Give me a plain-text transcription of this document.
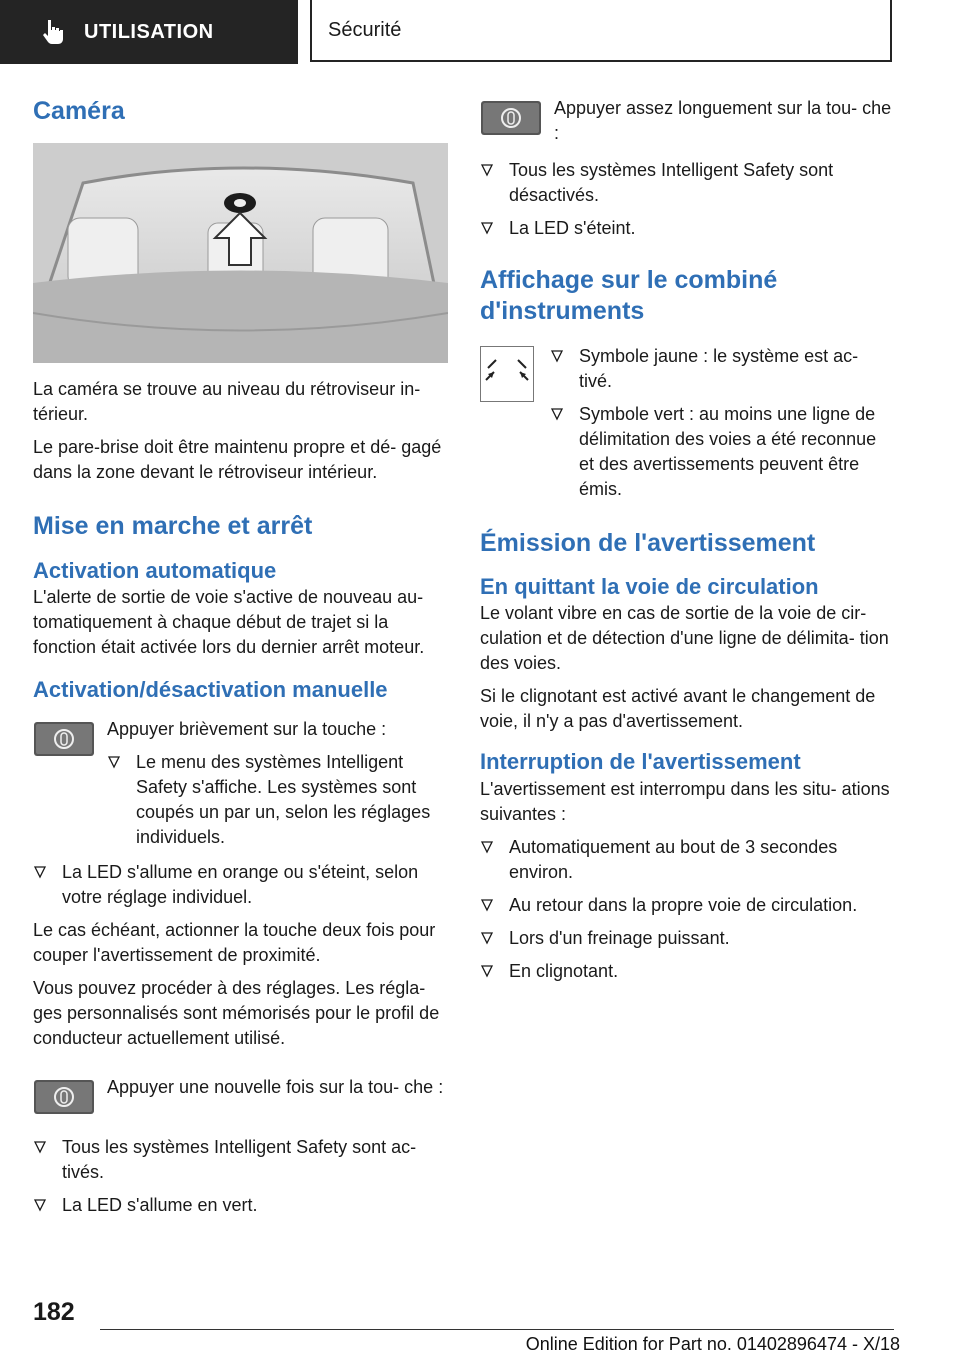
UTILISATION	Sécurité
Caméra

La caméra se trouve au niveau du rétroviseur in- térieur.

Le pare-brise doit être maintenu propre et dé- gagé dans la zone devant le rétroviseur intérieur.

Mise en marche et arrêt
Activation automatique

L'alerte de sortie de voie s'active de nouveau au- tomatiquement à chaque début de trajet si la fonction était activée lors du dernier arrêt moteur.

Activation/désactivation manuelle

Appuyer brièvement sur la touche :

Le menu des systèmes Intelligent Safety s'affiche. Les systèmes sont coupés un par un, selon les réglages individuels.
La LED s'allume en orange ou s'éteint, selon votre réglage individuel.

Le cas échéant, actionner la touche deux fois pour couper l'avertissement de proximité.

Vous pouvez procéder à des réglages. Les régla- ges personnalisés sont mémorisés pour le profil de conducteur actuellement utilisé.

Appuyer une nouvelle fois sur la tou- che :

Tous les systèmes Intelligent Safety sont ac- tivés.
La LED s'allume en vert.

Appuyer assez longuement sur la tou- che :

Tous les systèmes Intelligent Safety sont désactivés.
La LED s'éteint.
Affichage sur le combiné d'instruments
Symbole jaune : le système est ac- tivé.
Symbole vert : au moins une ligne de délimitation des voies a été reconnue et des avertissements peuvent être émis.
Émission de l'avertissement
En quittant la voie de circulation

Le volant vibre en cas de sortie de la voie de cir- culation et de détection d'une ligne de délimita- tion des voies.

Si le clignotant est activé avant le changement de voie, il n'y a pas d'avertissement.

Interruption de l'avertissement

L'avertissement est interrompu dans les situ- ations suivantes :

Automatiquement au bout de 3 secondes environ.
Au retour dans la propre voie de circulation.
Lors d'un freinage puissant.
En clignotant.
182
Online Edition for Part no. 01402896474 - X/18
